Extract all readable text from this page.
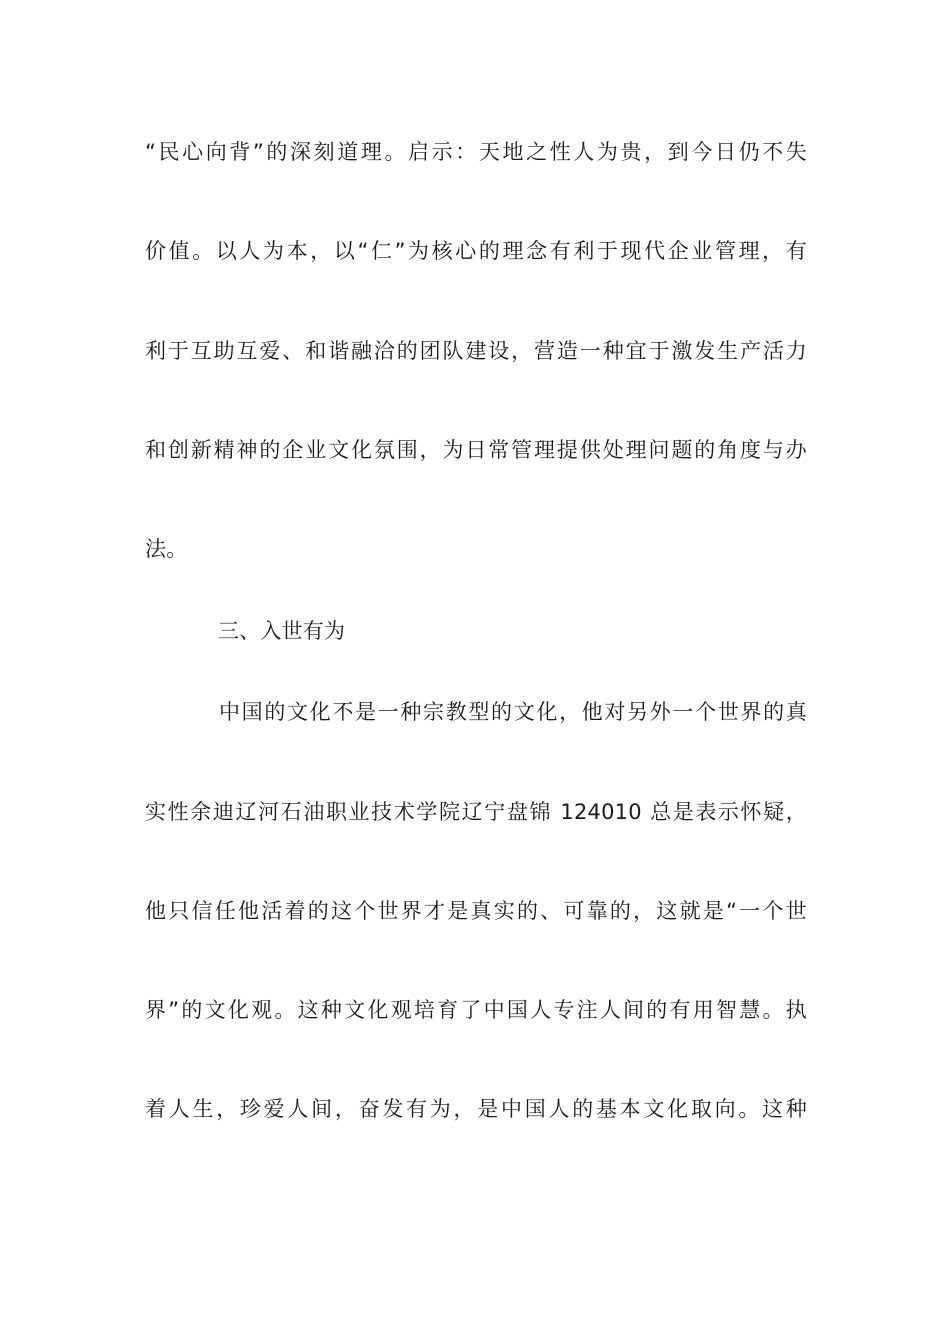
“民心向背”的深刻道理。启示：天地之性人为贵，到今日仍不失
价值。以人为本，以“仁”为核心的理念有利于现代企业管理，有
利于互助互爱、和谐融洽的团队建设，营造一种宜于激发生产活力
和创新精神的企业文化氛围，为日常管理提供处理问题的角度与办
法。
三、入世有为
中国的文化不是一种宗教型的文化，他对另外一个世界的真
实性余迪辽河石油职业技术学院辽宁盘锦 124010 总是表示怀疑，
他只信任他活着的这个世界才是真实的、可靠的，这就是“一个世
界”的文化观。这种文化观培育了中国人专注人间的有用智慧。执
着人生，珍爱人间，奋发有为，是中国人的基本文化取向。这种
